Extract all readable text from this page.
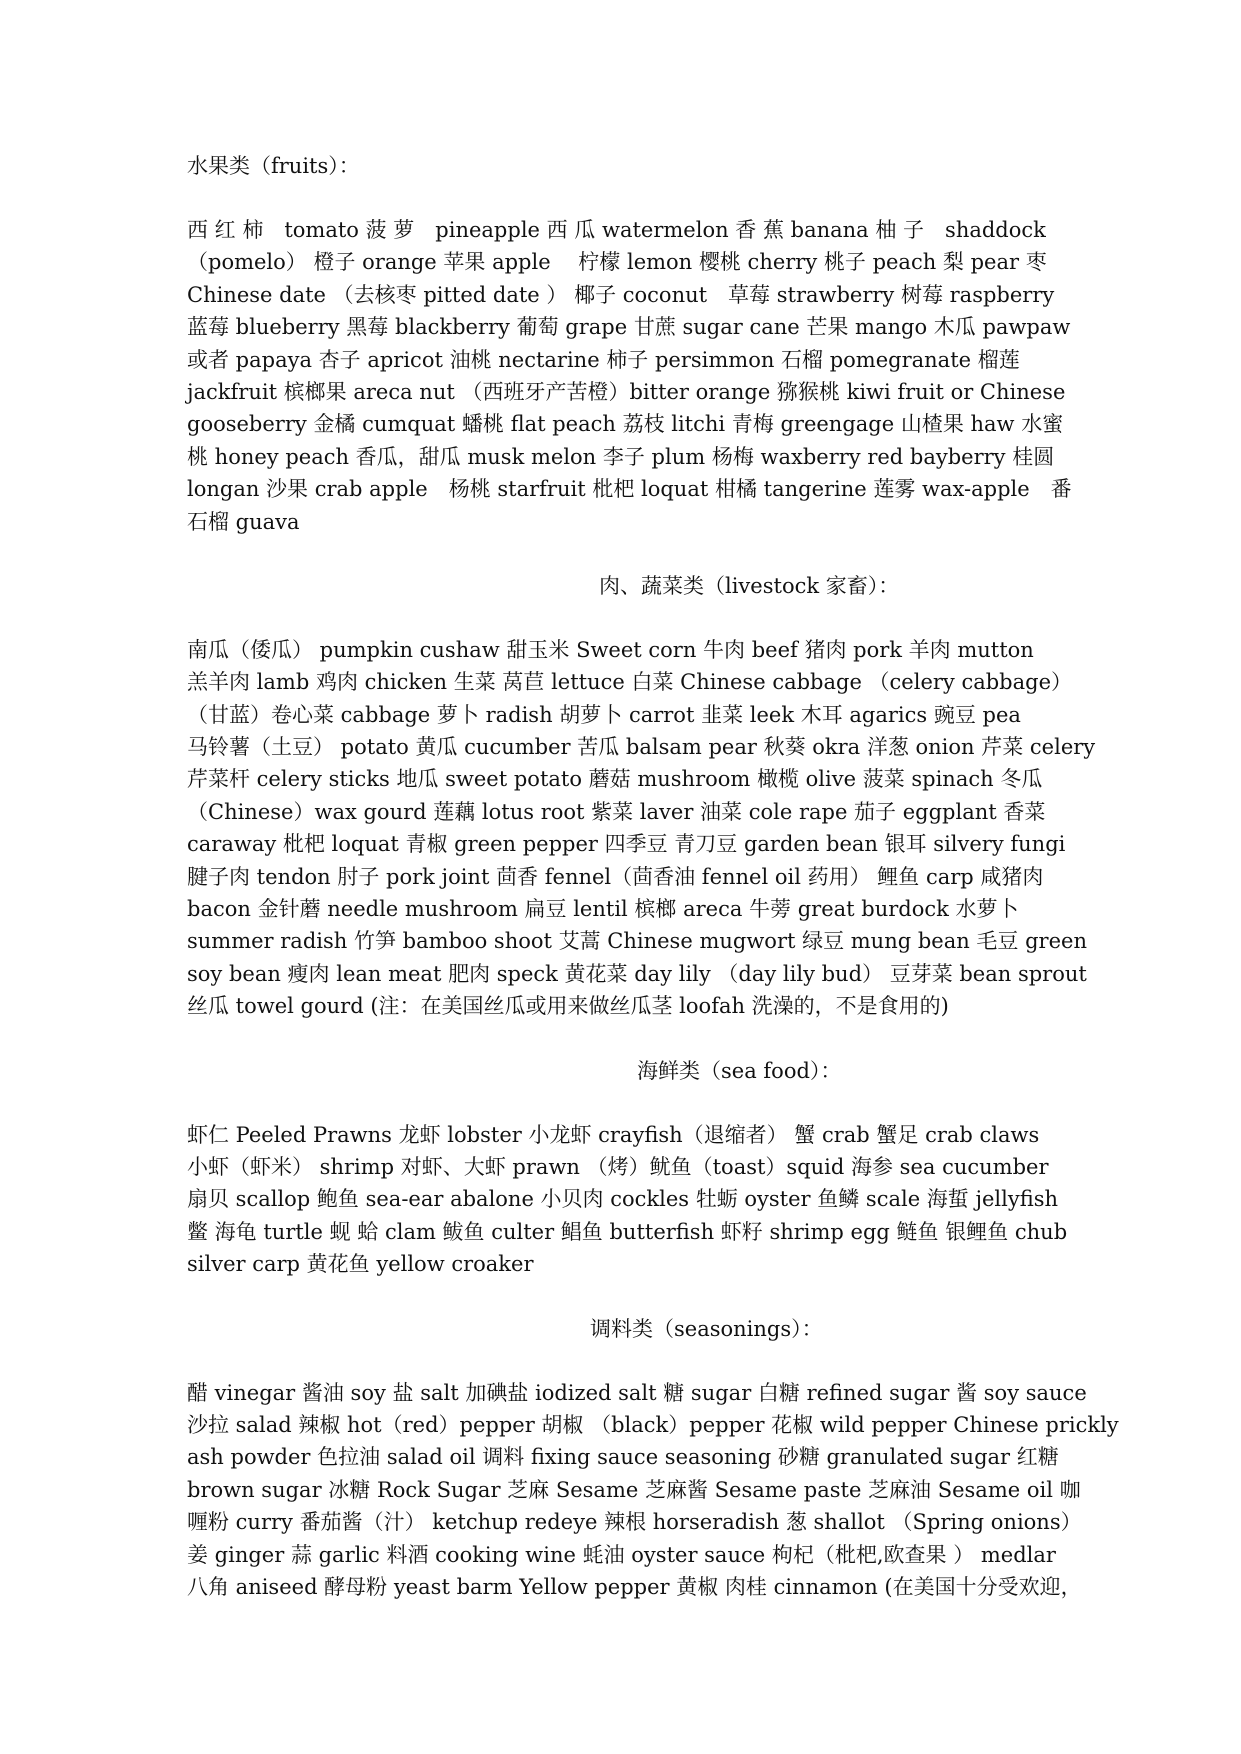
水果类（fruits）：
西 红 柿　tomato 菠 萝　pineapple 西 瓜 watermelon 香 蕉 banana 柚 子　shaddock
（pomelo） 橙子 orange 苹果 apple　 柠檬 lemon 樱桃 cherry 桃子 peach 梨 pear 枣
Chinese date （去核枣 pitted date ） 椰子 coconut　草莓 strawberry 树莓 raspberry
蓝莓 blueberry 黑莓 blackberry 葡萄 grape 甘蔗 sugar cane 芒果 mango 木瓜 pawpaw
或者 papaya 杏子 apricot 油桃 nectarine 柿子 persimmon 石榴 pomegranate 榴莲
jackfruit 槟榔果 areca nut （西班牙产苦橙）bitter orange 猕猴桃 kiwi fruit or Chinese
gooseberry 金橘 cumquat 蟠桃 flat peach 荔枝 litchi 青梅 greengage 山楂果 haw 水蜜
桃 honey peach 香瓜，甜瓜 musk melon 李子 plum 杨梅 waxberry red bayberry 桂圆
longan 沙果 crab apple　杨桃 starfruit 枇杷 loquat 柑橘 tangerine 莲雾 wax-apple　番
石榴 guava
肉、蔬菜类（livestock 家畜）：
南瓜（倭瓜） pumpkin cushaw 甜玉米 Sweet corn 牛肉 beef 猪肉 pork 羊肉 mutton
羔羊肉 lamb 鸡肉 chicken 生菜 莴苣 lettuce 白菜 Chinese cabbage （celery cabbage）
（甘蓝）卷心菜 cabbage 萝卜 radish 胡萝卜 carrot 韭菜 leek 木耳 agarics 豌豆 pea
马铃薯（土豆） potato 黄瓜 cucumber 苦瓜 balsam pear 秋葵 okra 洋葱 onion 芹菜 celery
芹菜杆 celery sticks 地瓜 sweet potato 蘑菇 mushroom 橄榄 olive 菠菜 spinach 冬瓜
（Chinese）wax gourd 莲藕 lotus root 紫菜 laver 油菜 cole rape 茄子 eggplant 香菜
caraway 枇杷 loquat 青椒 green pepper 四季豆 青刀豆 garden bean 银耳 silvery fungi
腱子肉 tendon 肘子 pork joint 茴香 fennel（茴香油 fennel oil 药用） 鲤鱼 carp 咸猪肉
bacon 金针蘑 needle mushroom 扁豆 lentil 槟榔 areca 牛蒡 great burdock 水萝卜
summer radish 竹笋 bamboo shoot 艾蒿 Chinese mugwort 绿豆 mung bean 毛豆 green
soy bean 瘦肉 lean meat 肥肉 speck 黄花菜 day lily （day lily bud） 豆芽菜 bean sprout
丝瓜 towel gourd (注：在美国丝瓜或用来做丝瓜茎 loofah 洗澡的，不是食用的)
海鲜类（sea food）：
虾仁 Peeled Prawns 龙虾 lobster 小龙虾 crayfish（退缩者） 蟹 crab 蟹足 crab claws
小虾（虾米） shrimp 对虾、大虾 prawn （烤）鱿鱼（toast）squid 海参 sea cucumber
扇贝 scallop 鲍鱼 sea-ear abalone 小贝肉 cockles 牡蛎 oyster 鱼鳞 scale 海蜇 jellyfish
鳖 海龟 turtle 蚬 蛤 clam 鲅鱼 culter 鲳鱼 butterfish 虾籽 shrimp egg 鲢鱼 银鲤鱼 chub
silver carp 黄花鱼 yellow croaker
调料类（seasonings）：
醋 vinegar 酱油 soy 盐 salt 加碘盐 iodized salt 糖 sugar 白糖 refined sugar 酱 soy sauce
沙拉 salad 辣椒 hot（red）pepper 胡椒 （black）pepper 花椒 wild pepper Chinese prickly
ash powder 色拉油 salad oil 调料 fixing sauce seasoning 砂糖 granulated sugar 红糖
brown sugar 冰糖 Rock Sugar 芝麻 Sesame 芝麻酱 Sesame paste 芝麻油 Sesame oil 咖
喱粉 curry 番茄酱（汁） ketchup redeye 辣根 horseradish 葱 shallot （Spring onions）
姜 ginger 蒜 garlic 料酒 cooking wine 蚝油 oyster sauce 枸杞（枇杷,欧查果 ） medlar
八角 aniseed 酵母粉 yeast barm Yellow pepper 黄椒 肉桂 cinnamon (在美国十分受欢迎，
